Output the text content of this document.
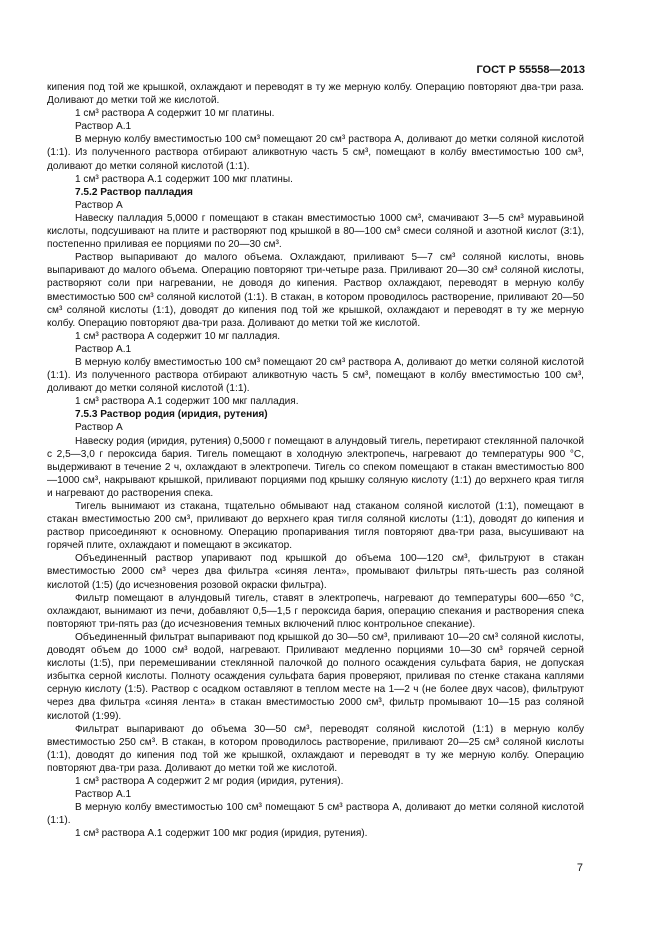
ГОСТ Р 55558—2013

кипения под той же крышкой, охлаждают и переводят в ту же мерную колбу. Операцию повторяют два-три раза. Доливают до метки той же кислотой.

1 см³ раствора А содержит 10 мг платины.

Раствор А.1

В мерную колбу вместимостью 100 см³ помещают 20 см³ раствора А, доливают до метки соляной кислотой (1:1). Из полученного раствора отбирают аликвотную часть 5 см³, помещают в колбу вместимостью 100 см³, доливают до метки соляной кислотой (1:1).

1 см³ раствора А.1 содержит 100 мкг платины.

7.5.2 Раствор палладия

Раствор А

Навеску палладия 5,0000 г помещают в стакан вместимостью 1000 см³, смачивают 3—5 см³ муравьиной кислоты, подсушивают на плите и растворяют под крышкой в 80—100 см³ смеси соляной и азотной кислот (3:1), постепенно приливая ее порциями по 20—30 см³.

Раствор выпаривают до малого объема. Охлаждают, приливают 5—7 см³ соляной кислоты, вновь выпаривают до малого объема. Операцию повторяют три-четыре раза. Приливают 20—30 см³ соляной кислоты, растворяют соли при нагревании, не доводя до кипения. Раствор охлаждают, переводят в мерную колбу вместимостью 500 см³ соляной кислотой (1:1). В стакан, в котором проводилось растворение, приливают 20—50 см³ соляной кислоты (1:1), доводят до кипения под той же крышкой, охлаждают и переводят в ту же мерную колбу. Операцию повторяют два-три раза. Доливают до метки той же кислотой.

1 см³ раствора А содержит 10 мг палладия.

Раствор А.1

В мерную колбу вместимостью 100 см³ помещают 20 см³ раствора А, доливают до метки соляной кислотой (1:1). Из полученного раствора отбирают аликвотную часть 5 см³, помещают в колбу вместимостью 100 см³, доливают до метки соляной кислотой (1:1).

1 см³ раствора А.1 содержит 100 мкг палладия.

7.5.3 Раствор родия (иридия, рутения)

Раствор А

Навеску родия (иридия, рутения) 0,5000 г помещают в алундовый тигель, перетирают стеклянной палочкой с 2,5—3,0 г пероксида бария. Тигель помещают в холодную электропечь, нагревают до температуры 900 °С, выдерживают в течение 2 ч, охлаждают в электропечи. Тигель со спеком помещают в стакан вместимостью 800—1000 см³, накрывают крышкой, приливают порциями под крышку соляную кислоту (1:1) до верхнего края тигля и нагревают до растворения спека.

Тигель вынимают из стакана, тщательно обмывают над стаканом соляной кислотой (1:1), помещают в стакан вместимостью 200 см³, приливают до верхнего края тигля соляной кислоты (1:1), доводят до кипения и раствор присоединяют к основному. Операцию пропаривания тигля повторяют два-три раза, высушивают на горячей плите, охлаждают и помещают в эксикатор.

Объединенный раствор упаривают под крышкой до объема 100—120 см³, фильтруют в стакан вместимостью 2000 см³ через два фильтра «синяя лента», промывают фильтры пять-шесть раз соляной кислотой (1:5) (до исчезновения розовой окраски фильтра).

Фильтр помещают в алундовый тигель, ставят в электропечь, нагревают до температуры 600—650 °С, охлаждают, вынимают из печи, добавляют 0,5—1,5 г пероксида бария, операцию спекания и растворения спека повторяют три-пять раз (до исчезновения темных включений плюс контрольное спекание).

Объединенный фильтрат выпаривают под крышкой до 30—50 см³, приливают 10—20 см³ соляной кислоты, доводят объем до 1000 см³ водой, нагревают. Приливают медленно порциями 10—30 см³ горячей серной кислоты (1:5), при перемешивании стеклянной палочкой до полного осаждения сульфата бария, не допуская избытка серной кислоты. Полноту осаждения сульфата бария проверяют, приливая по стенке стакана каплями серную кислоту (1:5). Раствор с осадком оставляют в теплом месте на 1—2 ч (не более двух часов), фильтруют через два фильтра «синяя лента» в стакан вместимостью 2000 см³, фильтр промывают 10—15 раз соляной кислотой (1:99).

Фильтрат выпаривают до объема 30—50 см³, переводят соляной кислотой (1:1) в мерную колбу вместимостью 250 см³. В стакан, в котором проводилось растворение, приливают 20—25 см³ соляной кислоты (1:1), доводят до кипения под той же крышкой, охлаждают и переводят в ту же мерную колбу. Операцию повторяют два-три раза. Доливают до метки той же кислотой.

1 см³ раствора А содержит 2 мг родия (иридия, рутения).

Раствор А.1

В мерную колбу вместимостью 100 см³ помещают 5 см³ раствора А, доливают до метки соляной кислотой (1:1).

1 см³ раствора А.1 содержит 100 мкг родия (иридия, рутения).

7
